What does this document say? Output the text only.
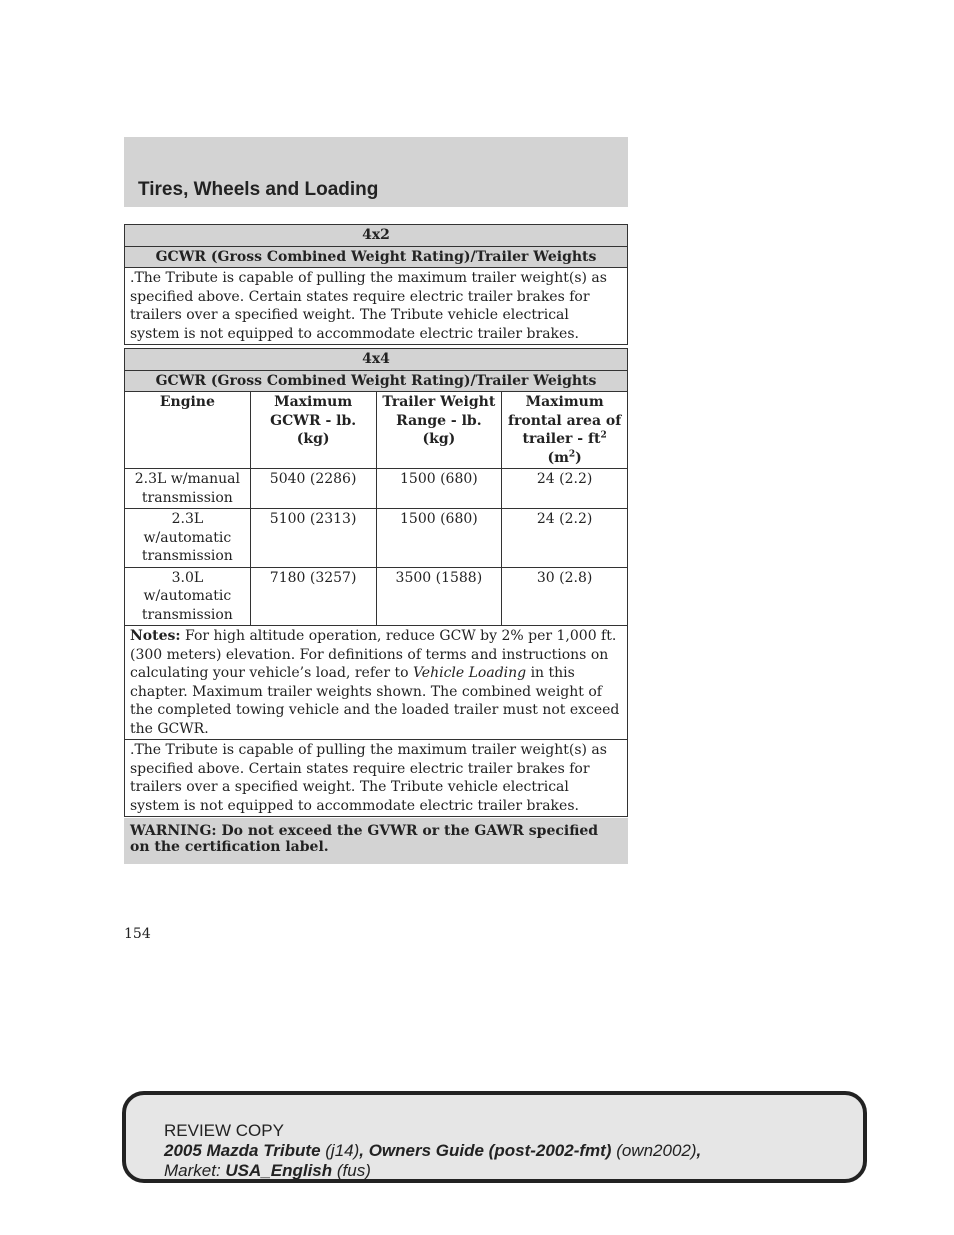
Tires, Wheels and Loading
4x2
GCWR (Gross Combined Weight Rating)/Trailer Weights
.The Tribute is capable of pulling the maximum trailer weight(s) as specified above. Certain states require electric trailer brakes for trailers over a specified weight. The Tribute vehicle electrical system is not equipped to accommodate electric trailer brakes.
4x4			
GCWR (Gross Combined Weight Rating)/Trailer Weights			
Engine	Maximum GCWR - lb. (kg)	Trailer Weight Range - lb. (kg)	Maximum frontal area of trailer - $ft^2$ $(m^2)$
2.3L w/manual transmission	5040 (2286)	1500 (680)	24 (2.2)
2.3L w/automatic transmission	5100 (2313)	1500 (680)	24 (2.2)
3.0L w/automatic transmission	7180 (3257)	3500 (1588)	30 (2.8)
Notes: For high altitude operation, reduce GCW by 2% per 1,000 ft. (300 meters) elevation. For definitions of terms and instructions on calculating your vehicle’s load, refer to Vehicle Loading in this chapter. Maximum trailer weights shown. The combined weight of the completed towing vehicle and the loaded trailer must not exceed the GCWR.			
.The Tribute is capable of pulling the maximum trailer weight(s) as specified above. Certain states require electric trailer brakes for trailers over a specified weight. The Tribute vehicle electrical system is not equipped to accommodate electric trailer brakes.			
WARNING: Do not exceed the GVWR or the GAWR specified on the certification label.
154
REVIEW COPY
2005 Mazda Tribute (j14), Owners Guide (post-2002-fmt) (own2002),
Market: USA_English (fus)
